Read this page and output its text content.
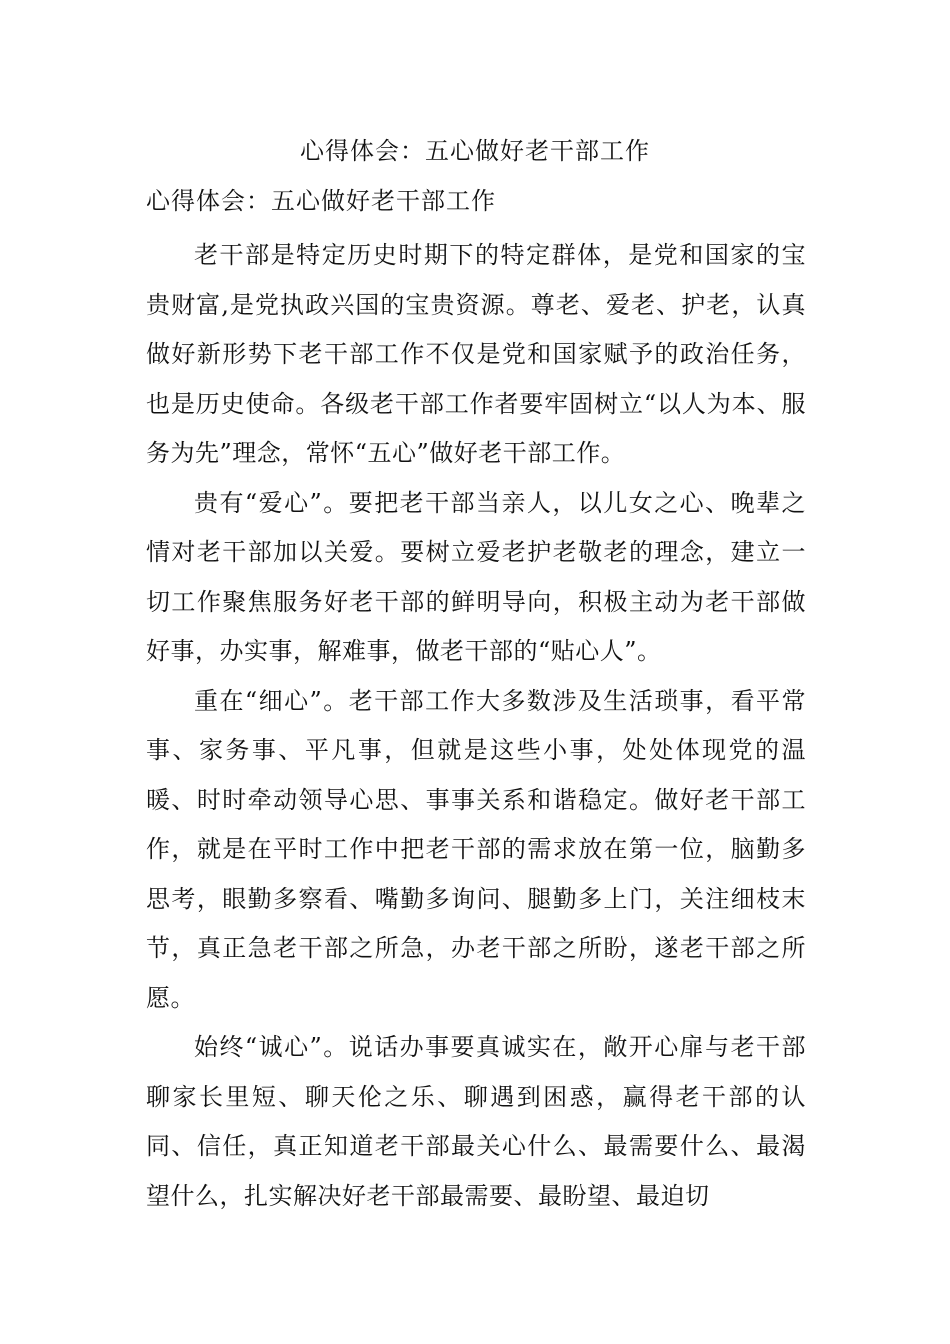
心得体会：五心做好老干部工作
心得体会：五心做好老干部工作

老干部是特定历史时期下的特定群体，是党和国家的宝贵财富,是党执政兴国的宝贵资源。尊老、爱老、护老，认真做好新形势下老干部工作不仅是党和国家赋予的政治任务，也是历史使命。各级老干部工作者要牢固树立“以人为本、服务为先”理念，常怀“五心”做好老干部工作。

贵有“爱心”。要把老干部当亲人，以儿女之心、晚辈之情对老干部加以关爱。要树立爱老护老敬老的理念，建立一切工作聚焦服务好老干部的鲜明导向，积极主动为老干部做好事，办实事，解难事，做老干部的“贴心人”。

重在“细心”。老干部工作大多数涉及生活琐事，看平常事、家务事、平凡事，但就是这些小事，处处体现党的温暖、时时牵动领导心思、事事关系和谐稳定。做好老干部工作，就是在平时工作中把老干部的需求放在第一位，脑勤多思考，眼勤多察看、嘴勤多询问、腿勤多上门，关注细枝末节，真正急老干部之所急，办老干部之所盼，遂老干部之所愿。

始终“诚心”。说话办事要真诚实在，敞开心扉与老干部聊家长里短、聊天伦之乐、聊遇到困惑，赢得老干部的认同、信任，真正知道老干部最关心什么、最需要什么、最渴望什么，扎实解决好老干部最需要、最盼望、最迫切
